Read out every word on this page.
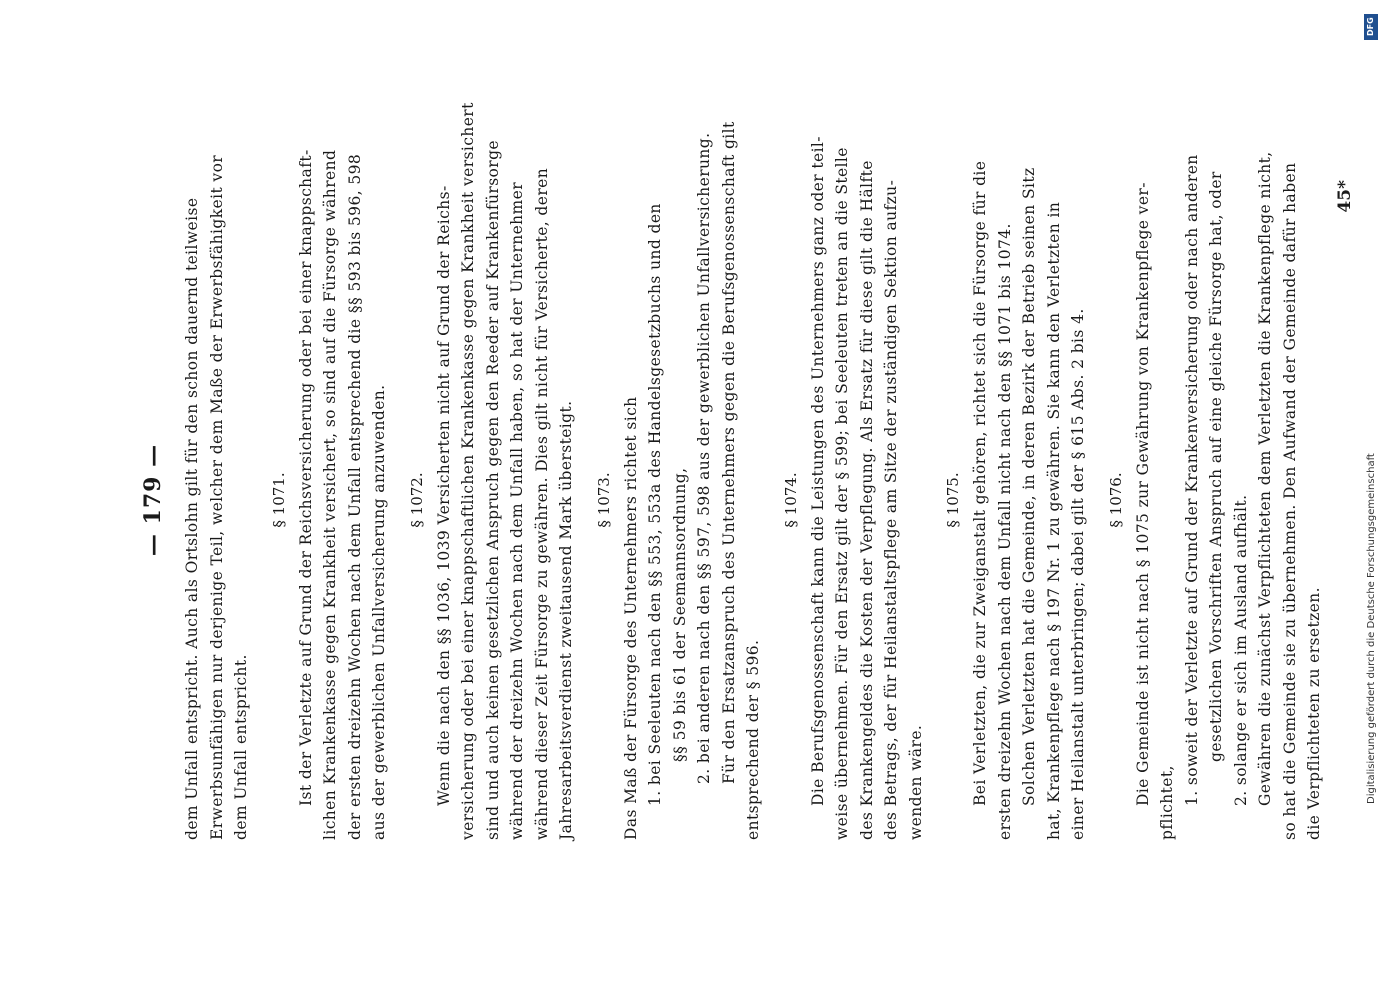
— 179 —	dem Unfall entspricht. Auch als Ortslohn gilt für den schon dauernd teilweise Erwerbsunfähigen nur derjenige Teil, welcher dem Maße der Erwerbsfähigkeit vor dem Unfall entspricht.
§ 1071. Ist der Verletzte auf Grund der Reichsversicherung oder bei einer knappschaft- lichen Krankenkasse gegen Krankheit versichert, so sind auf die Fürsorge während der ersten dreizehn Wochen nach dem Unfall entsprechend die §§ 593 bis 596, 598 aus der gewerblichen Unfallversicherung anzuwenden.	§ 1072. Wenn die nach den §§ 1036, 1039 Versicherten nicht auf Grund der Reichs- versicherung oder bei einer knappschaftlichen Krankenkasse gegen Krankheit versichert sind und auch keinen gesetzlichen Anspruch gegen den Reeder auf Krankenfürsorge während der dreizehn Wochen nach dem Unfall haben, so hat der Unternehmer während dieser Zeit Fürsorge zu gewähren. Dies gilt nicht für Versicherte, deren Jahresarbeitsverdienst zweitausend Mark übersteigt.	§ 1073. Das Maß der Fürsorge des Unternehmers richtet sich 1. bei Seeleuten nach den §§ 553, 553a des Handelsgesetzbuchs und den §§ 59 bis 61 der Seemannsordnung, 2. bei anderen nach den §§ 597, 598 aus der gewerblichen Unfallversicherung. Für den Ersatzanspruch des Unternehmers gegen die Berufsgenossenschaft gilt entsprechend der § 596.
§ 1074. Die Berufsgenossenschaft kann die Leistungen des Unternehmers ganz oder teil- weise übernehmen. Für den Ersatz gilt der § 599; bei Seeleuten treten an die Stelle des Krankengeldes die Kosten der Verpflegung. Als Ersatz für diese gilt die Hälfte des Betrags, der für Heilanstaltspflege am Sitze der zuständigen Sektion aufzu- wenden wäre.
§ 1075. Bei Verletzten, die zur Zweiganstalt gehören, richtet sich die Fürsorge für die ersten dreizehn Wochen nach dem Unfall nicht nach den §§ 1071 bis 1074. Solchen Verletzten hat die Gemeinde, in deren Bezirk der Betrieb seinen Sitz hat, Krankenpflege nach § 197 Nr. 1 zu gewähren. Sie kann den Verletzten in einer Heilanstalt unterbringen; dabei gilt der § 615 Abs. 2 bis 4.	§ 1076. Die Gemeinde ist nicht nach § 1075 zur Gewährung von Krankenpflege ver- pflichtet, 1. soweit der Verletzte auf Grund der Krankenversicherung oder nach anderen gesetzlichen Vorschriften Anspruch auf eine gleiche Fürsorge hat, oder 2. solange er sich im Ausland aufhält. Gewähren die zunächst Verpflichteten dem Verletzten die Krankenpflege nicht, so hat die Gemeinde sie zu übernehmen. Den Aufwand der Gemeinde dafür haben die Verpflichteten zu ersetzen.
45*
DFG
Digitalisierung gefördert durch die Deutsche Forschungsgemeinschaft
